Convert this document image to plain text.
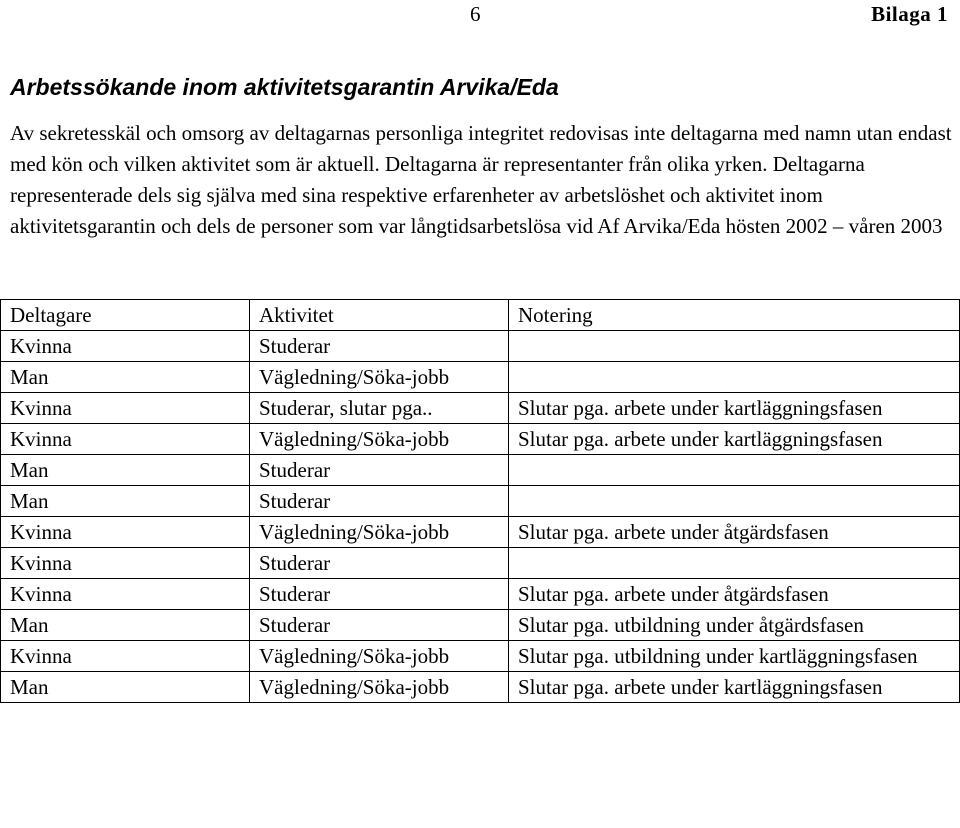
6	Bilaga 1
Arbetssökande inom aktivitetsgarantin Arvika/Eda

Av sekretesskäl och omsorg av deltagarnas personliga integritet redovisas inte deltagarna med namn utan endast med kön och vilken aktivitet som är aktuell. Deltagarna är representanter från olika yrken. Deltagarna representerade dels sig själva med sina respektive erfarenheter av arbetslöshet och aktivitet inom aktivitetsgarantin och dels de personer som var långtidsarbetslösa vid Af Arvika/Eda hösten 2002 – våren 2003

Deltagare	Aktivitet	Notering
Kvinna	Studerar	
Man	Vägledning/Söka-jobb	
Kvinna	Studerar, slutar pga..	Slutar pga. arbete under kartläggningsfasen
Kvinna	Vägledning/Söka-jobb	Slutar pga. arbete under kartläggningsfasen
Man	Studerar	
Man	Studerar	
Kvinna	Vägledning/Söka-jobb	Slutar pga. arbete under åtgärdsfasen
Kvinna	Studerar	
Kvinna	Studerar	Slutar pga. arbete under åtgärdsfasen
Man	Studerar	Slutar pga. utbildning under åtgärdsfasen
Kvinna	Vägledning/Söka-jobb	Slutar pga. utbildning under kartläggningsfasen
Man	Vägledning/Söka-jobb	Slutar pga. arbete under kartläggningsfasen
